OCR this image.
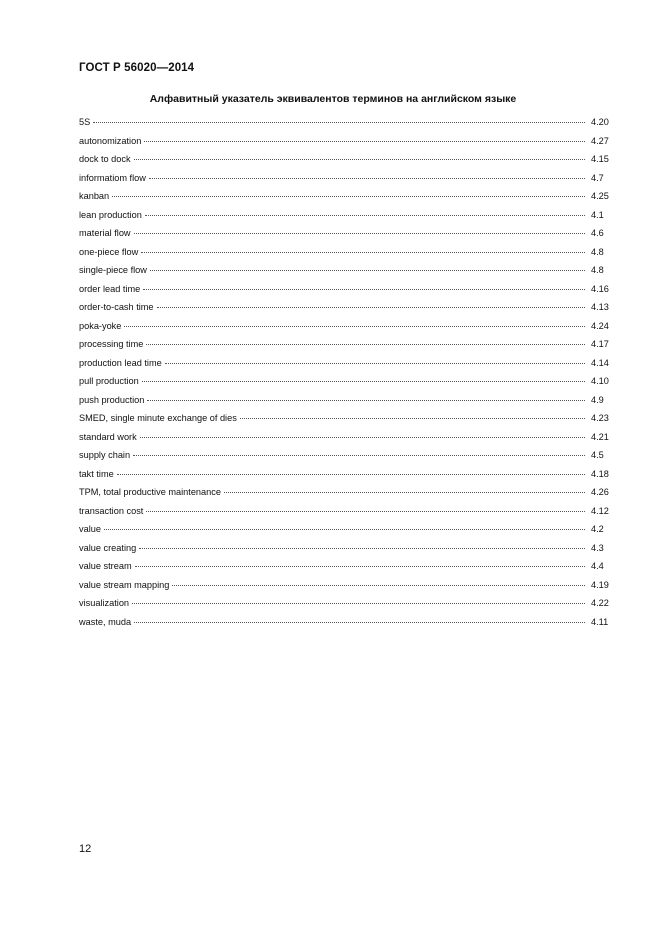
ГОСТ Р 56020—2014
Алфавитный указатель эквивалентов терминов на английском языке
5S	4.20
autonomization	4.27
dock to dock	4.15
informatiom flow	4.7
kanban	4.25
lean production	4.1
material flow	4.6
one-piece flow	4.8
single-piece flow	4.8
order lead time	4.16
order-to-cash time	4.13
poka-yoke	4.24
processing time	4.17
production lead time	4.14
pull production	4.10
push production	4.9
SMED, single minute exchange of dies	4.23
standard work	4.21
supply chain	4.5
takt time	4.18
TPM, total productive maintenance	4.26
transaction cost	4.12
value	4.2
value creating	4.3
value stream	4.4
value stream mapping	4.19
visualization	4.22
waste, muda	4.11
12
